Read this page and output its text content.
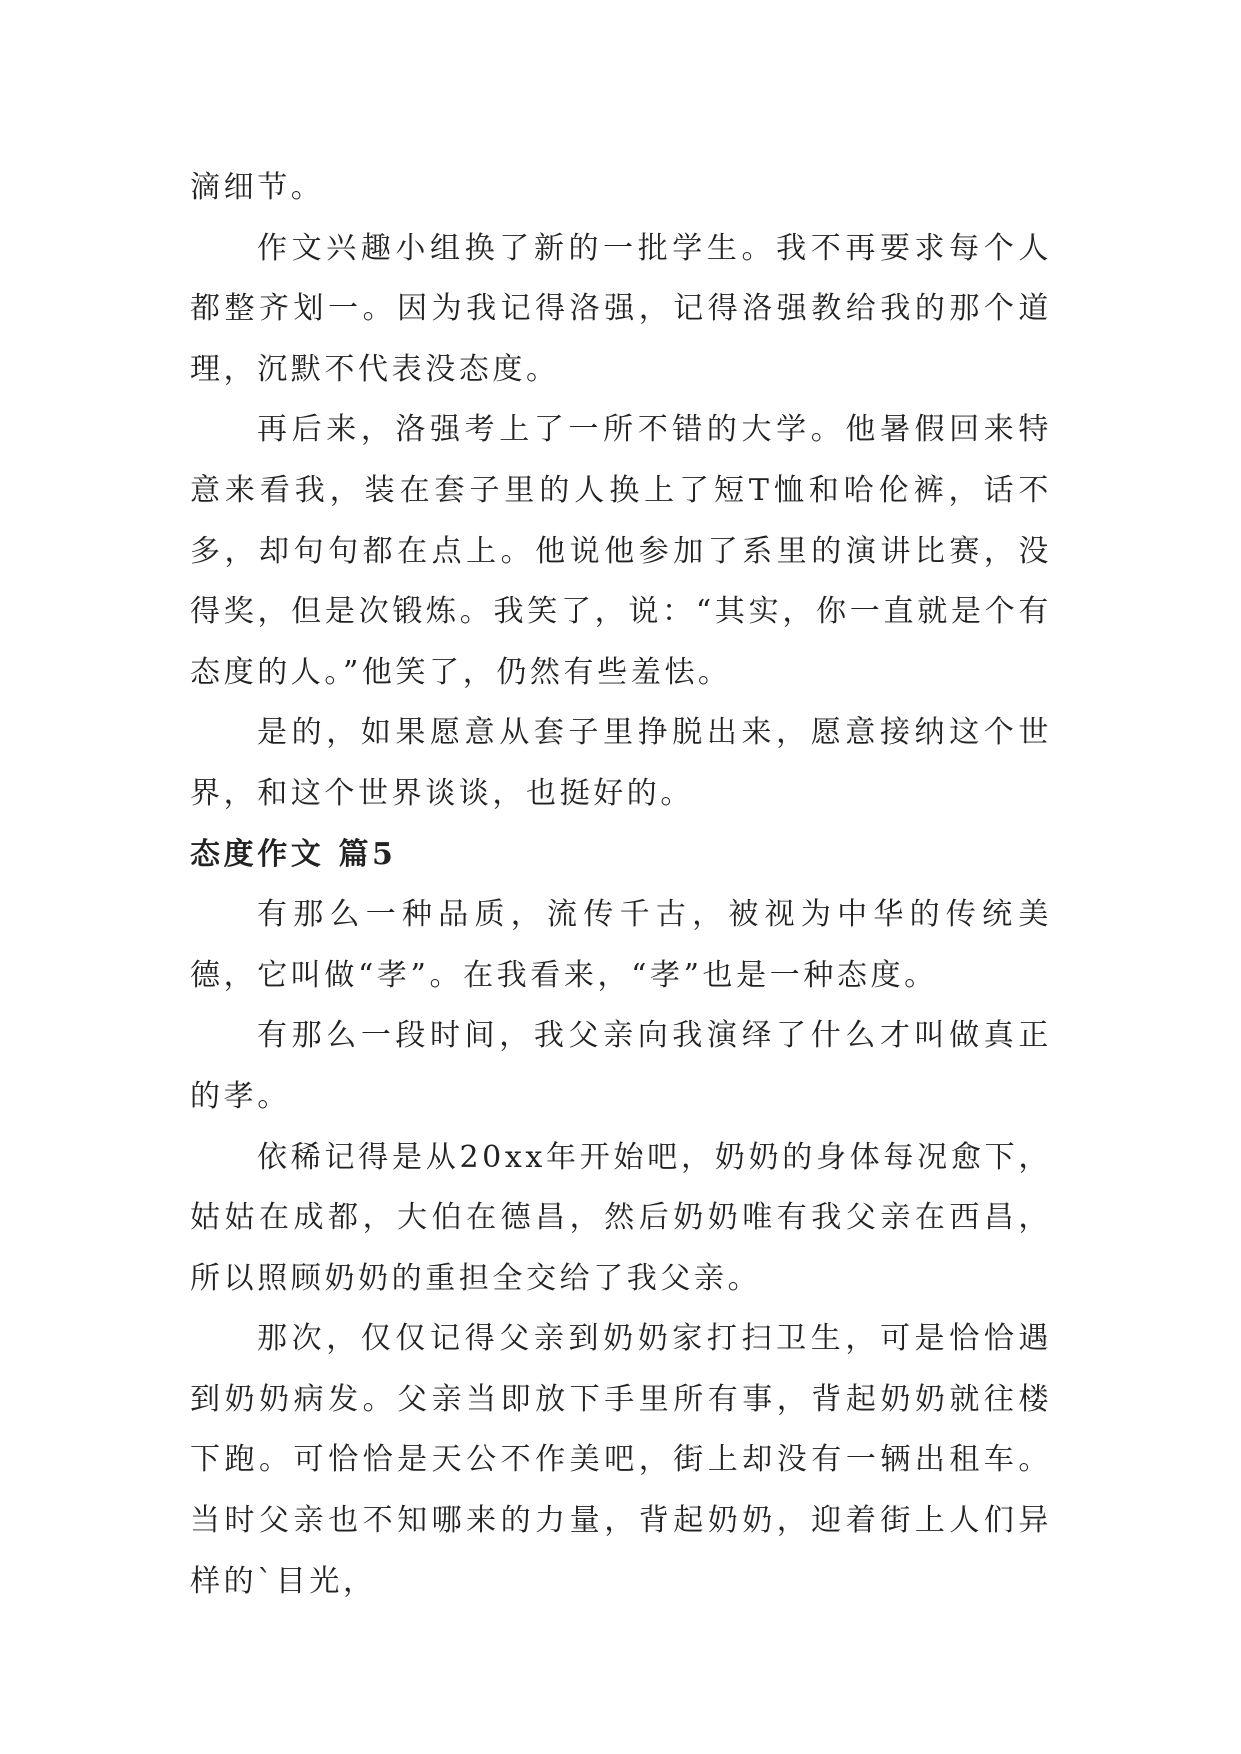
滴细节。

作文兴趣小组换了新的一批学生。我不再要求每个人都整齐划一。因为我记得洛强，记得洛强教给我的那个道理，沉默不代表没态度。

再后来，洛强考上了一所不错的大学。他暑假回来特意来看我，装在套子里的人换上了短T恤和哈伦裤，话不多，却句句都在点上。他说他参加了系里的演讲比赛，没得奖，但是次锻炼。我笑了，说：“其实，你一直就是个有态度的人。”他笑了，仍然有些羞怯。

是的，如果愿意从套子里挣脱出来，愿意接纳这个世界，和这个世界谈谈，也挺好的。

态度作文 篇5

有那么一种品质，流传千古，被视为中华的传统美德，它叫做“孝”。在我看来，“孝”也是一种态度。

有那么一段时间，我父亲向我演绎了什么才叫做真正的孝。

依稀记得是从20xx年开始吧，奶奶的身体每况愈下，姑姑在成都，大伯在德昌，然后奶奶唯有我父亲在西昌，所以照顾奶奶的重担全交给了我父亲。

那次，仅仅记得父亲到奶奶家打扫卫生，可是恰恰遇到奶奶病发。父亲当即放下手里所有事，背起奶奶就往楼下跑。可恰恰是天公不作美吧，街上却没有一辆出租车。当时父亲也不知哪来的力量，背起奶奶，迎着街上人们异样的`目光，
